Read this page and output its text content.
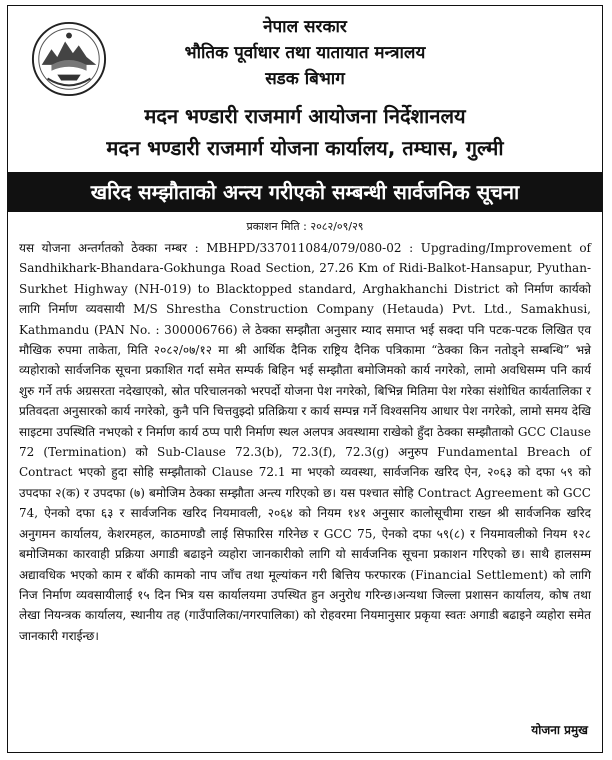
नेपाल सरकार
भौतिक पूर्वाधार तथा यातायात मन्त्रालय
सडक बिभाग
मदन भण्डारी राजमार्ग आयोजना निर्देशानलय
मदन भण्डारी राजमार्ग योजना कार्यालय, तम्घास, गुल्मी
खरिद सम्झौताको अन्त्य गरीएको सम्बन्धी सार्वजनिक सूचना
प्रकाशन मिति : २०८२/०९/२९

यस योजना अन्तर्गतको ठेक्का नम्बर : MBHPD/337011084/079/080-02 : Upgrading/Improvement of Sandhikhark-Bhandara-Gokhunga Road Section, 27.26 Km of Ridi-Balkot-Hansapur, Pyuthan-Surkhet Highway (NH-019) to Blacktopped standard, Arghakhanchi District को निर्माण कार्यको लागि निर्माण व्यवसायी M/S Shrestha Construction Company (Hetauda) Pvt. Ltd., Samakhusi, Kathmandu (PAN No. : 300006766) ले ठेक्का सम्झौता अनुसार म्याद समाप्त भई सक्दा पनि पटक-पटक लिखित एव मौखिक रुपमा ताकेता, मिति २०८२/०७/१२ मा श्री आर्थिक दैनिक राष्ट्रिय दैनिक पत्रिकामा “ठेक्का किन नतोड्ने सम्बन्धि” भन्ने व्यहोराको सार्वजनिक सूचना प्रकाशित गर्दा समेत सम्पर्क बिहिन भई सम्झौता बमोजिमको कार्य नगरेको, लामो अवधिसम्म पनि कार्य शुरु गर्ने तर्फ अग्रसरता नदेखाएको, स्रोत परिचालनको भरपर्दो योजना पेश नगरेको, बिभिन्न मितिमा पेश गरेका संशोधित कार्यतालिका र प्रतिवदता अनुसारको कार्य नगरेको, कुनै पनि चित्तवुझ्दो प्रतिक्रिया र कार्य सम्पन्न गर्ने विश्वसनिय आधार पेश नगरेको, लामो समय देखि साइटमा उपस्थिति नभएको र निर्माण कार्य ठप्प पारी निर्माण स्थल अलपत्र अवस्थामा राखेको हुँदा ठेक्का सम्झौताको GCC Clause 72 (Termination) को Sub-Clause 72.3(b), 72.3(f), 72.3(g) अनुरुप Fundamental Breach of Contract भएको हुदा सोहि सम्झौताको Clause 72.1 मा भएको व्यवस्था, सार्वजनिक खरिद ऐन, २०६३ को दफा ५९ को उपदफा २(क) र उपदफा (७) बमोजिम ठेक्का सम्झौता अन्त्य गरिएको छ। यस पश्चात सोहि Contract Agreement को GCC 74, ऐनको दफा ६३ र सार्वजनिक खरिद नियमावली, २०६४ को नियम १४१ अनुसार कालोसूचीमा राख्न श्री सार्वजनिक खरिद अनुगमन कार्यालय, केशरमहल, काठमाण्डौ लाई सिफारिस गरिनेछ र GCC 75, ऐनको दफा ५९(८) र नियमावलीको नियम १२८ बमोजिमका कारवाही प्रक्रिया अगाडी बढाइने व्यहोरा जानकारीको लागि यो सार्वजनिक सूचना प्रकाशन गरिएको छ। साथै हालसम्म अद्यावधिक भएको काम र बाँकी कामको नाप जाँच तथा मूल्यांकन गरी बित्तिय फरफारक (Financial Settlement) को लागि निज निर्माण व्यवसायीलाई १५ दिन भित्र यस कार्यालयमा उपस्थित हुन अनुरोध गरिन्छ।अन्यथा जिल्ला प्रशासन कार्यालय, कोष तथा लेखा नियन्त्रक कार्यालय, स्थानीय तह (गाउँपालिका/नगरपालिका) को रोहवरमा नियमानुसार प्रकृया स्वतः अगाडी बढाइने व्यहोरा समेत जानकारी गराईन्छ।

योजना प्रमुख
